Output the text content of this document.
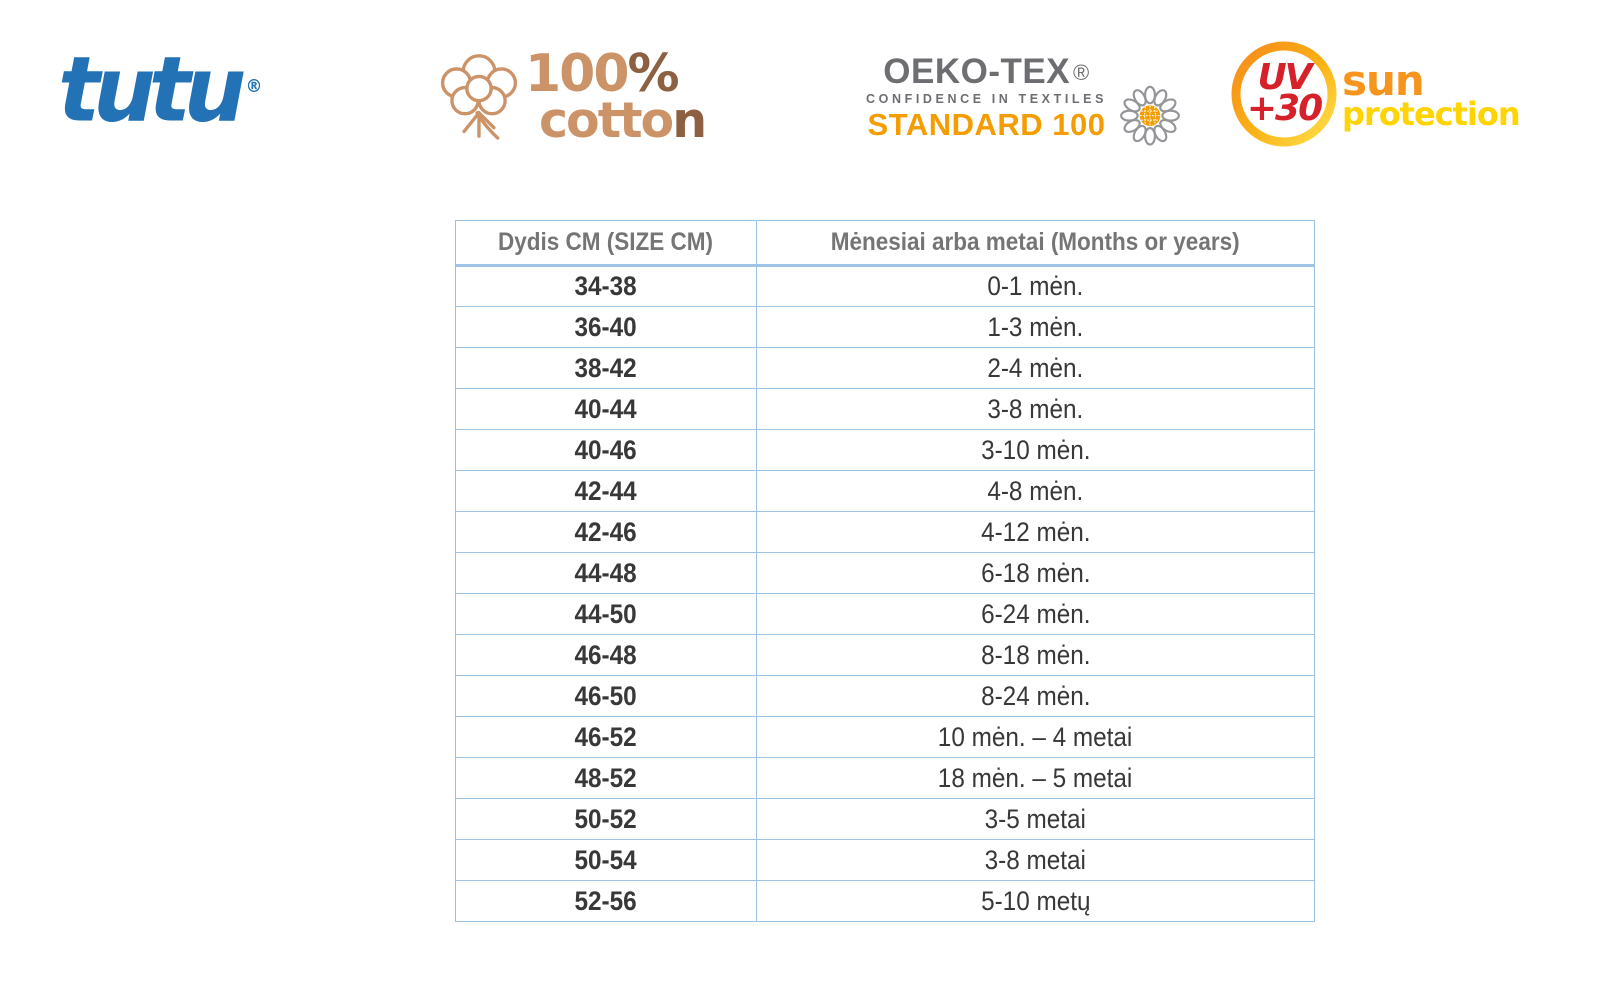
tutu ®	100%
cotton
OEKO-TEX ®
CONFIDENCE IN TEXTILES
STANDARD 100
UV
+30
sun
protection
Dydis CM (SIZE CM)	Mėnesiai arba metai (Months or years)
34-38	0-1 mėn.
36-40	1-3 mėn.
38-42	2-4 mėn.
40-44	3-8 mėn.
40-46	3-10 mėn.
42-44	4-8 mėn.
42-46	4-12 mėn.
44-48	6-18 mėn.
44-50	6-24 mėn.
46-48	8-18 mėn.
46-50	8-24 mėn.
46-52	10 mėn. – 4 metai
48-52	18 mėn. – 5 metai
50-52	3-5 metai
50-54	3-8 metai
52-56	5-10 metų
